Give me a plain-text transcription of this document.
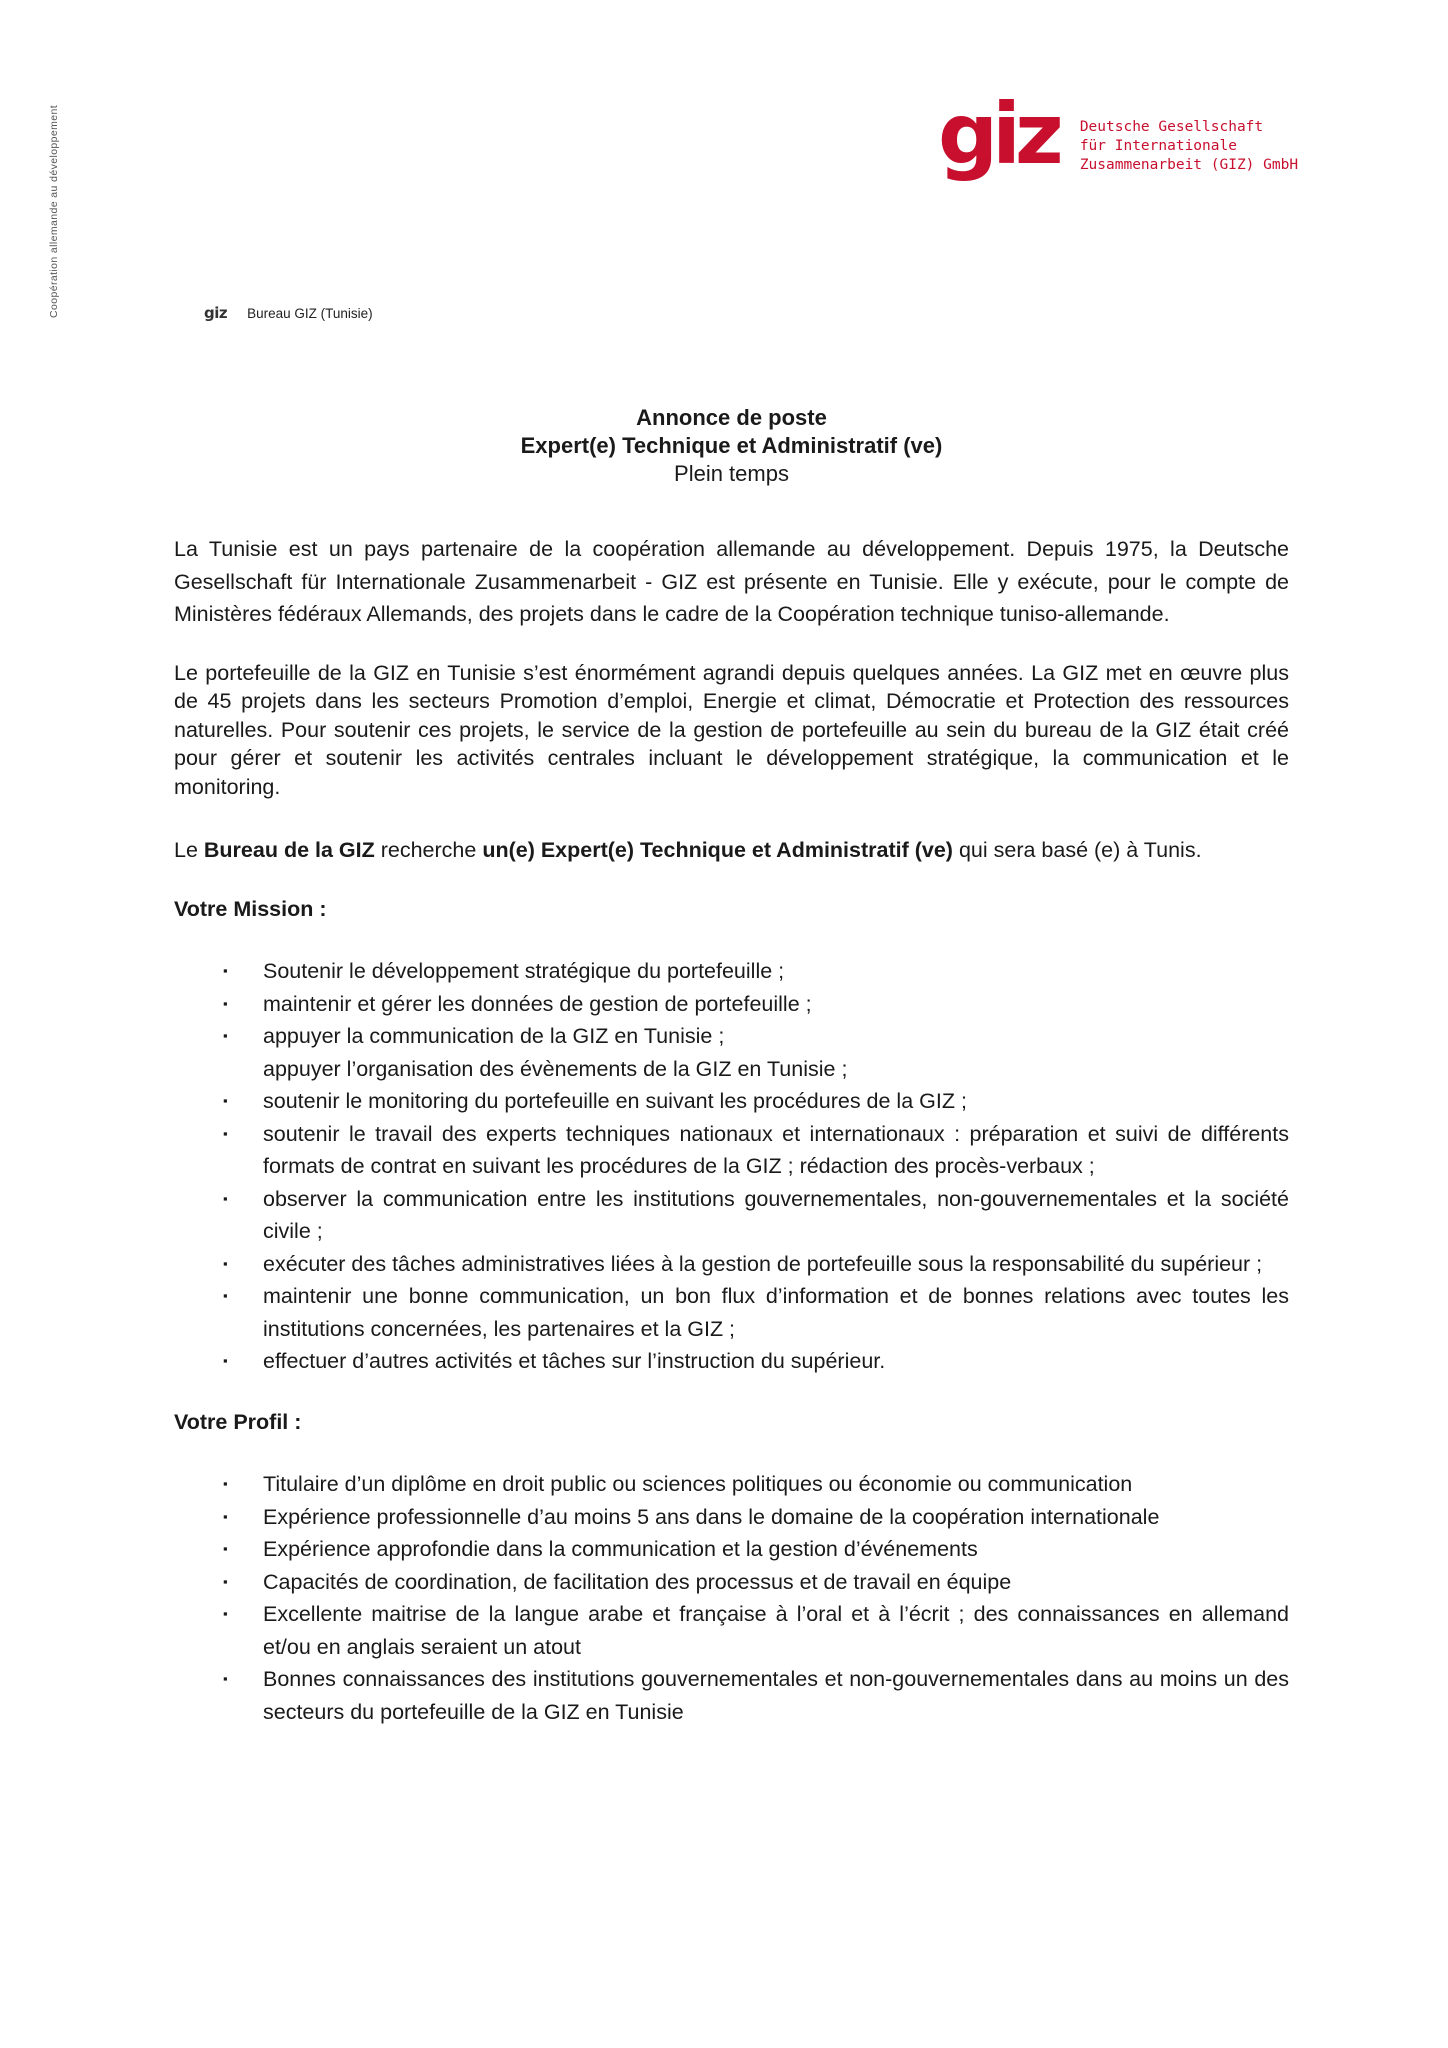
Coopération allemande au développement	giz Deutsche Gesellschaft
für Internationale
Zusammenarbeit (GIZ) GmbH
giz Bureau GIZ (Tunisie)
Annonce de poste
Expert(e) Technique et Administratif (ve)
Plein temps

La Tunisie est un pays partenaire de la coopération allemande au développement. Depuis 1975, la Deutsche Gesellschaft für Internationale Zusammenarbeit - GIZ est présente en Tunisie. Elle y exécute, pour le compte de Ministères fédéraux Allemands, des projets dans le cadre de la Coopération technique tuniso-allemande.

Le portefeuille de la GIZ en Tunisie s’est énormément agrandi depuis quelques années. La GIZ met en œuvre plus de 45 projets dans les secteurs Promotion d’emploi, Energie et climat, Démocratie et Protection des ressources naturelles. Pour soutenir ces projets, le service de la gestion de portefeuille au sein du bureau de la GIZ était créé pour gérer et soutenir les activités centrales incluant le développement stratégique, la communication et le monitoring.

Le Bureau de la GIZ recherche un(e) Expert(e) Technique et Administratif (ve) qui sera basé (e) à Tunis.

Votre Mission :
▪ Soutenir le développement stratégique du portefeuille ;
▪ maintenir et gérer les données de gestion de portefeuille ;
▪ appuyer la communication de la GIZ en Tunisie ;
appuyer l’organisation des évènements de la GIZ en Tunisie ;
▪ soutenir le monitoring du portefeuille en suivant les procédures de la GIZ ;
▪ soutenir le travail des experts techniques nationaux et internationaux : préparation et suivi de différents formats de contrat en suivant les procédures de la GIZ ; rédaction des procès-verbaux ;
▪ observer la communication entre les institutions gouvernementales, non-gouvernementales et la société civile ;
▪ exécuter des tâches administratives liées à la gestion de portefeuille sous la responsabilité du supérieur ;
▪ maintenir une bonne communication, un bon flux d’information et de bonnes relations avec toutes les institutions concernées, les partenaires et la GIZ ;
▪ effectuer d’autres activités et tâches sur l’instruction du supérieur.
Votre Profil :
▪ Titulaire d’un diplôme en droit public ou sciences politiques ou économie ou communication
▪ Expérience professionnelle d’au moins 5 ans dans le domaine de la coopération internationale
▪ Expérience approfondie dans la communication et la gestion d’événements
▪ Capacités de coordination, de facilitation des processus et de travail en équipe
▪ Excellente maitrise de la langue arabe et française à l’oral et à l’écrit ; des connaissances en allemand et/ou en anglais seraient un atout
▪ Bonnes connaissances des institutions gouvernementales et non-gouvernementales dans au moins un des secteurs du portefeuille de la GIZ en Tunisie
